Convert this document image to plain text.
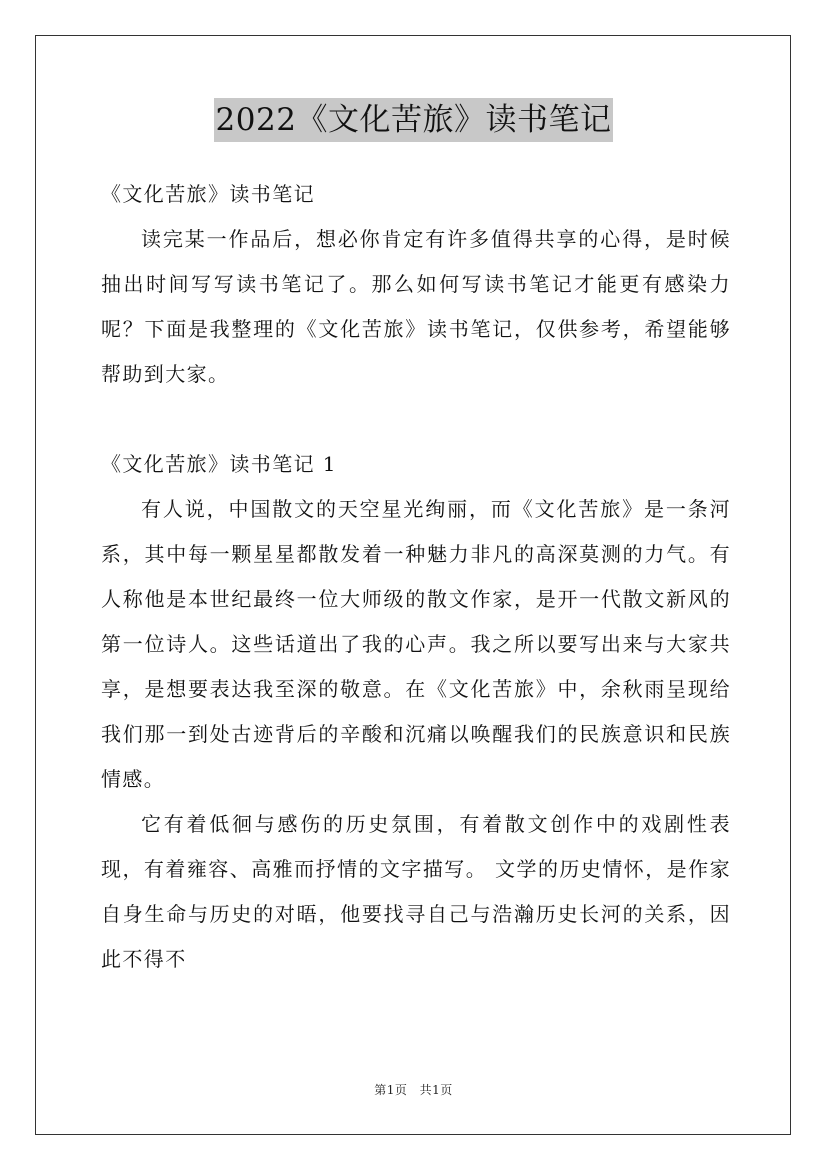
2022《文化苦旅》读书笔记

《文化苦旅》读书笔记

读完某一作品后，想必你肯定有许多值得共享的心得，是时候抽出时间写写读书笔记了。那么如何写读书笔记才能更有感染力呢？下面是我整理的《文化苦旅》读书笔记，仅供参考，希望能够帮助到大家。

《文化苦旅》读书笔记 1

有人说，中国散文的天空星光绚丽，而《文化苦旅》是一条河系，其中每一颗星星都散发着一种魅力非凡的高深莫测的力气。有人称他是本世纪最终一位大师级的散文作家，是开一代散文新风的第一位诗人。这些话道出了我的心声。我之所以要写出来与大家共享，是想要表达我至深的敬意。在《文化苦旅》中，余秋雨呈现给我们那一到处古迹背后的辛酸和沉痛以唤醒我们的民族意识和民族情感。

它有着低徊与感伤的历史氛围，有着散文创作中的戏剧性表现，有着雍容、高雅而抒情的文字描写。 文学的历史情怀，是作家自身生命与历史的对晤，他要找寻自己与浩瀚历史长河的关系，因此不得不

第1页 共1页
